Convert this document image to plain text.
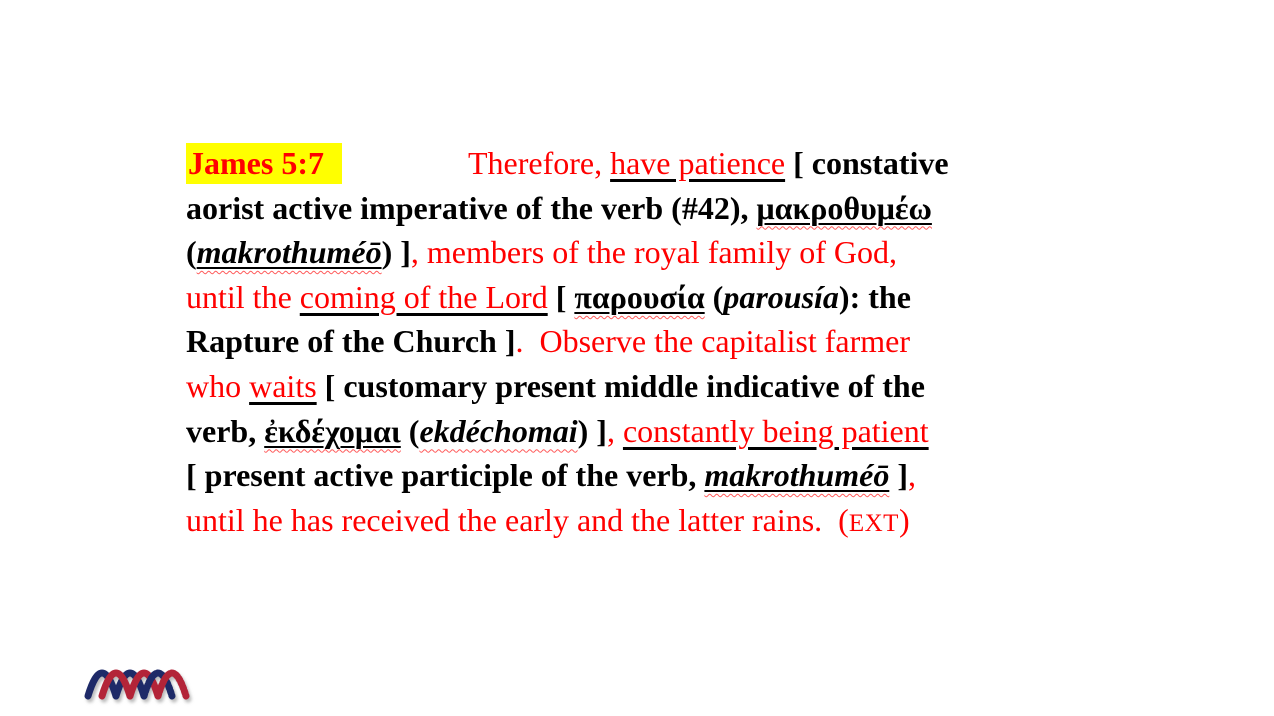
James 5:7	Therefore, have patience [ constative
aorist active imperative of the verb (#42), μακροθυμέω
(makrothuméō) ], members of the royal family of God,
until the coming of the Lord [ παρουσία (parousía): the
Rapture of the Church ].  Observe the capitalist farmer
who waits [ customary present middle indicative of the
verb, ἐκδέχομαι (ekdéchomai) ], constantly being patient
[ present active participle of the verb, makrothuméō ],
until he has received the early and the latter rains.  (EXT)
